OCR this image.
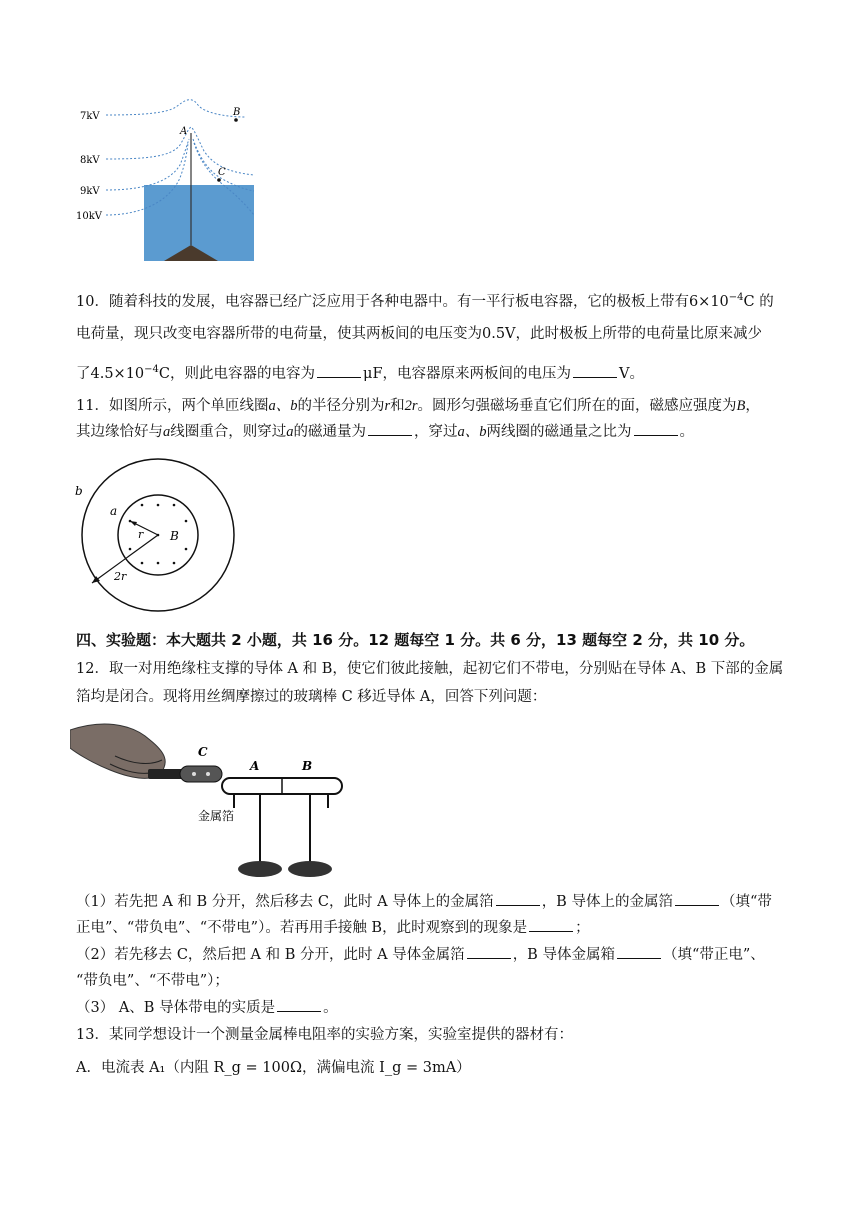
7kV
8kV
9kV
10kV
A
B
C
10．随着科技的发展，电容器已经广泛应用于各种电器中。有一平行板电容器，它的极板上带有$6\times 10^{-4}C$ 的
电荷量，现只改变电容器所带的电荷量，使其两板间的电压变为0.5V，此时极板上所带的电荷量比原来减少
了$4.5\times 10^{-4}C$，则此电容器的电容为	μF，电容器原来两板间的电压为	V。
11．如图所示，两个单匝线圈a、b的半径分别为r和2r。圆形匀强磁场垂直它们所在的面，磁感应强度为B，
其边缘恰好与a线圈重合，则穿过a的磁通量为	，穿过a、b两线圈的磁通量之比为	。
b
a
r B
2r
四、实验题：本大题共 2 小题，共 16 分。12 题每空 1 分。共 6 分，13 题每空 2 分，共 10 分。
12．取一对用绝缘柱支撑的导体 A 和 B，使它们彼此接触，起初它们不带电，分别贴在导体 A、B 下部的金属
箔均是闭合。现将用丝绸摩擦过的玻璃棒 C 移近导体 A，回答下列问题：
C
A	B
金属箔
（1）若先把 A 和 B 分开，然后移去 C，此时 A 导体上的金属箔	，B 导体上的金属箔	（填“带
正电”、“带负电”、“不带电”）。若再用手接触 B，此时观察到的现象是	；
（2）若先移去 C，然后把 A 和 B 分开，此时 A 导体金属箔	，B 导体金属箱	（填“带正电”、
“带负电”、“不带电”）；
（3） A、B 导体带电的实质是	。
13．某同学想设计一个测量金属棒电阻率的实验方案，实验室提供的器材有：
A．电流表 A₁（内阻 R_g = 100Ω，满偏电流 I_g = 3mA）
